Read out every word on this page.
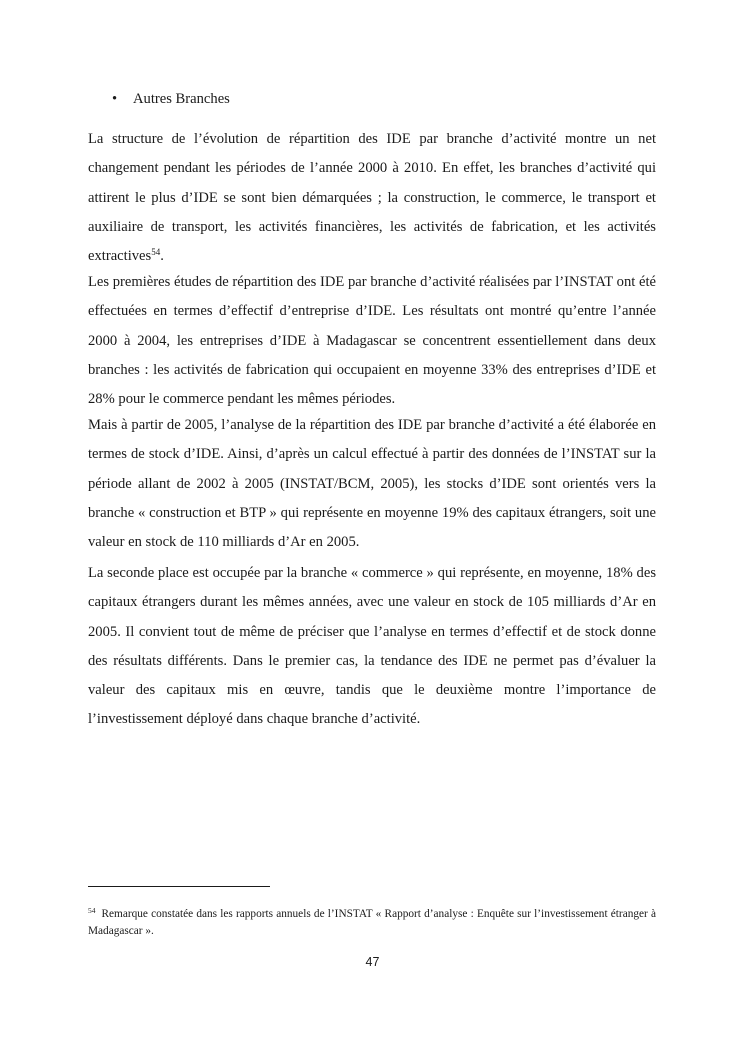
• Autres Branches

La structure de l’évolution de répartition des IDE par branche d’activité montre un net changement pendant les périodes de l’année 2000 à 2010. En effet, les branches d’activité qui attirent le plus d’IDE se sont bien démarquées ; la construction, le commerce, le transport et auxiliaire de transport, les activités financières, les activités de fabrication, et les activités extractives$^{54}$.

Les premières études de répartition des IDE par branche d’activité réalisées par l’INSTAT ont été effectuées en termes d’effectif d’entreprise d’IDE. Les résultats ont montré qu’entre l’année 2000 à 2004, les entreprises d’IDE à Madagascar se concentrent essentiellement dans deux branches : les activités de fabrication qui occupaient en moyenne 33% des entreprises d’IDE et 28% pour le commerce pendant les mêmes périodes.

Mais à partir de 2005, l’analyse de la répartition des IDE par branche d’activité a été élaborée en termes de stock d’IDE. Ainsi, d’après un calcul effectué à partir des données de l’INSTAT sur la période allant de 2002 à 2005 (INSTAT/BCM, 2005), les stocks d’IDE sont orientés vers la branche « construction et BTP » qui représente en moyenne 19% des capitaux étrangers, soit une valeur en stock de 110 milliards d’Ar en 2005.

La seconde place est occupée par la branche « commerce » qui représente, en moyenne, 18% des capitaux étrangers durant les mêmes années, avec une valeur en stock de 105 milliards d’Ar en 2005. Il convient tout de même de préciser que l’analyse en termes d’effectif et de stock donne des résultats différents. Dans le premier cas, la tendance des IDE ne permet pas d’évaluer la valeur des capitaux mis en œuvre, tandis que le deuxième montre l’importance de l’investissement déployé dans chaque branche d’activité.

$^{54}$ Remarque constatée dans les rapports annuels de l’INSTAT « Rapport d’analyse : Enquête sur l’investissement étranger à Madagascar ».

47
